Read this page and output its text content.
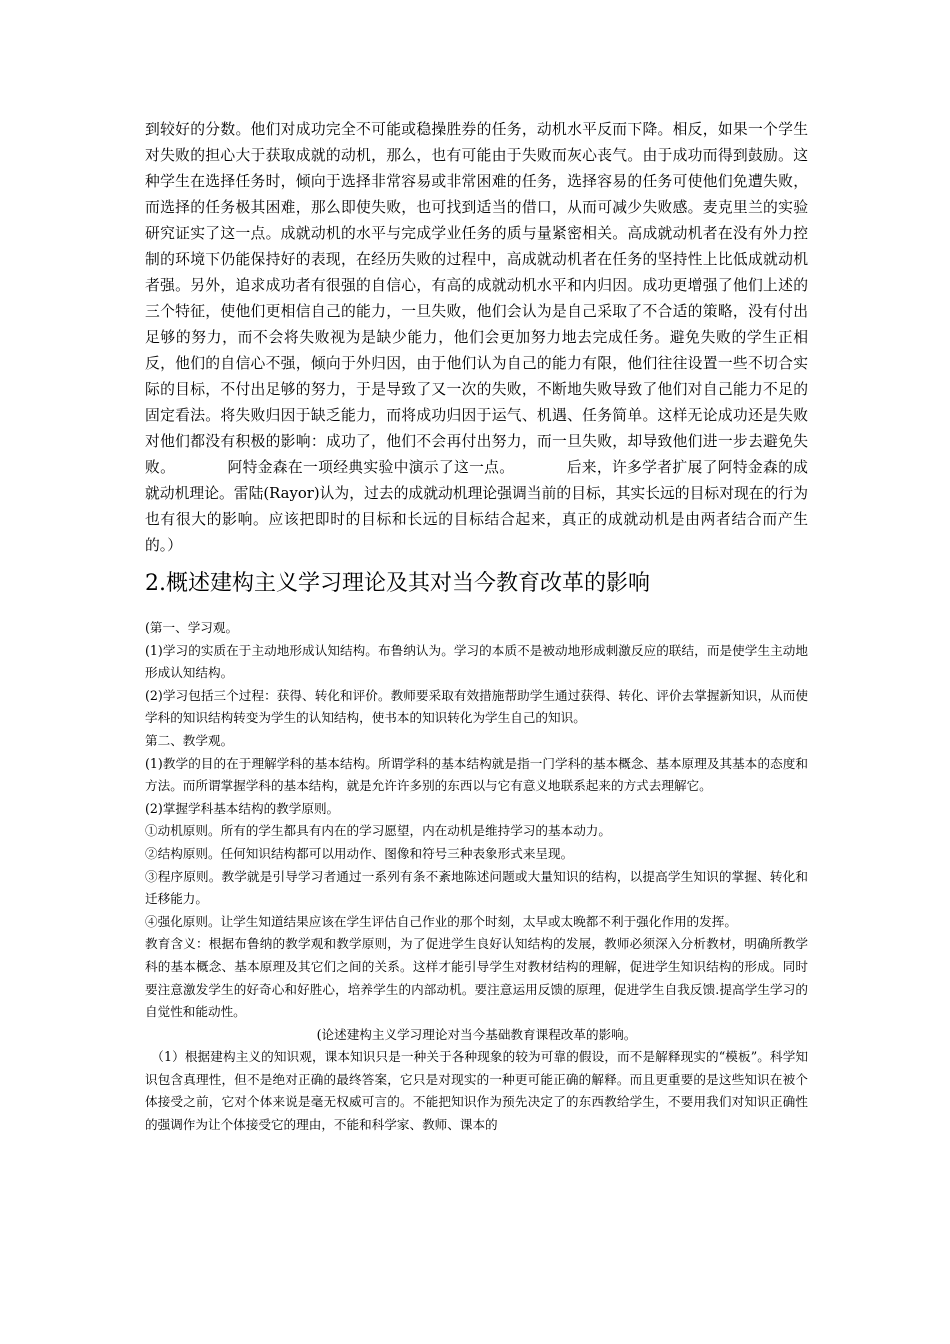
到较好的分数。他们对成功完全不可能或稳操胜券的任务，动机水平反而下降。相反，如果一个学生对失败的担心大于获取成就的动机，那么，也有可能由于失败而灰心丧气。由于成功而得到鼓励。这种学生在选择任务时，倾向于选择非常容易或非常困难的任务，选择容易的任务可使他们免遭失败，而选择的任务极其困难，那么即使失败，也可找到适当的借口，从而可减少失败感。麦克里兰的实验研究证实了这一点。成就动机的水平与完成学业任务的质与量紧密相关。高成就动机者在没有外力控制的环境下仍能保持好的表现，在经历失败的过程中，高成就动机者在任务的坚持性上比低成就动机者强。另外，追求成功者有很强的自信心，有高的成就动机水平和内归因。成功更增强了他们上述的三个特征，使他们更相信自己的能力，一旦失败，他们会认为是自己采取了不合适的策略，没有付出足够的努力，而不会将失败视为是缺少能力，他们会更加努力地去完成任务。避免失败的学生正相反，他们的自信心不强，倾向于外归因，由于他们认为自己的能力有限，他们往往设置一些不切合实际的目标，不付出足够的努力，于是导致了又一次的失败，不断地失败导致了他们对自己能力不足的固定看法。将失败归因于缺乏能力，而将成功归因于运气、机遇、任务简单。这样无论成功还是失败对他们都没有积极的影响：成功了，他们不会再付出努力，而一旦失败，却导致他们进一步去避免失败。	阿特金森在一项经典实验中演示了这一点。	后来，许多学者扩展了阿特金森的成就动机理论。雷陆(Rayor)认为，过去的成就动机理论强调当前的目标，其实长远的目标对现在的行为也有很大的影响。应该把即时的目标和长远的目标结合起来，真正的成就动机是由两者结合而产生的。）

2.概述建构主义学习理论及其对当今教育改革的影响

(第一、学习观。

(1)学习的实质在于主动地形成认知结构。布鲁纳认为。学习的本质不是被动地形成刺激反应的联结，而是使学生主动地形成认知结构。

(2)学习包括三个过程：获得、转化和评价。教师要采取有效措施帮助学生通过获得、转化、评价去掌握新知识，从而使学科的知识结构转变为学生的认知结构，使书本的知识转化为学生自己的知识。

第二、教学观。

(1)教学的目的在于理解学科的基本结构。所谓学科的基本结构就是指一门学科的基本概念、基本原理及其基本的态度和方法。而所谓掌握学科的基本结构，就是允许许多别的东西以与它有意义地联系起来的方式去理解它。

(2)掌握学科基本结构的教学原则。

①动机原则。所有的学生都具有内在的学习愿望，内在动机是维持学习的基本动力。

②结构原则。任何知识结构都可以用动作、图像和符号三种表象形式来呈现。

③程序原则。教学就是引导学习者通过一系列有条不紊地陈述问题或大量知识的结构，以提高学生知识的掌握、转化和迁移能力。

④强化原则。让学生知道结果应该在学生评估自己作业的那个时刻，太早或太晚都不利于强化作用的发挥。

教育含义：根据布鲁纳的教学观和教学原则，为了促进学生良好认知结构的发展，教师必须深入分析教材，明确所教学科的基本概念、基本原理及其它们之间的关系。这样才能引导学生对教材结构的理解，促进学生知识结构的形成。同时要注意激发学生的好奇心和好胜心，培养学生的内部动机。要注意运用反馈的原理，促进学生自我反馈.提高学生学习的自觉性和能动性。

(论述建构主义学习理论对当今基础教育课程改革的影响。

（1）根据建构主义的知识观，课本知识只是一种关于各种现象的较为可靠的假设，而不是解释现实的“模板”。科学知识包含真理性，但不是绝对正确的最终答案，它只是对现实的一种更可能正确的解释。而且更重要的是这些知识在被个体接受之前，它对个体来说是毫无权威可言的。不能把知识作为预先决定了的东西教给学生，不要用我们对知识正确性的强调作为让个体接受它的理由，不能和科学家、教师、课本的
